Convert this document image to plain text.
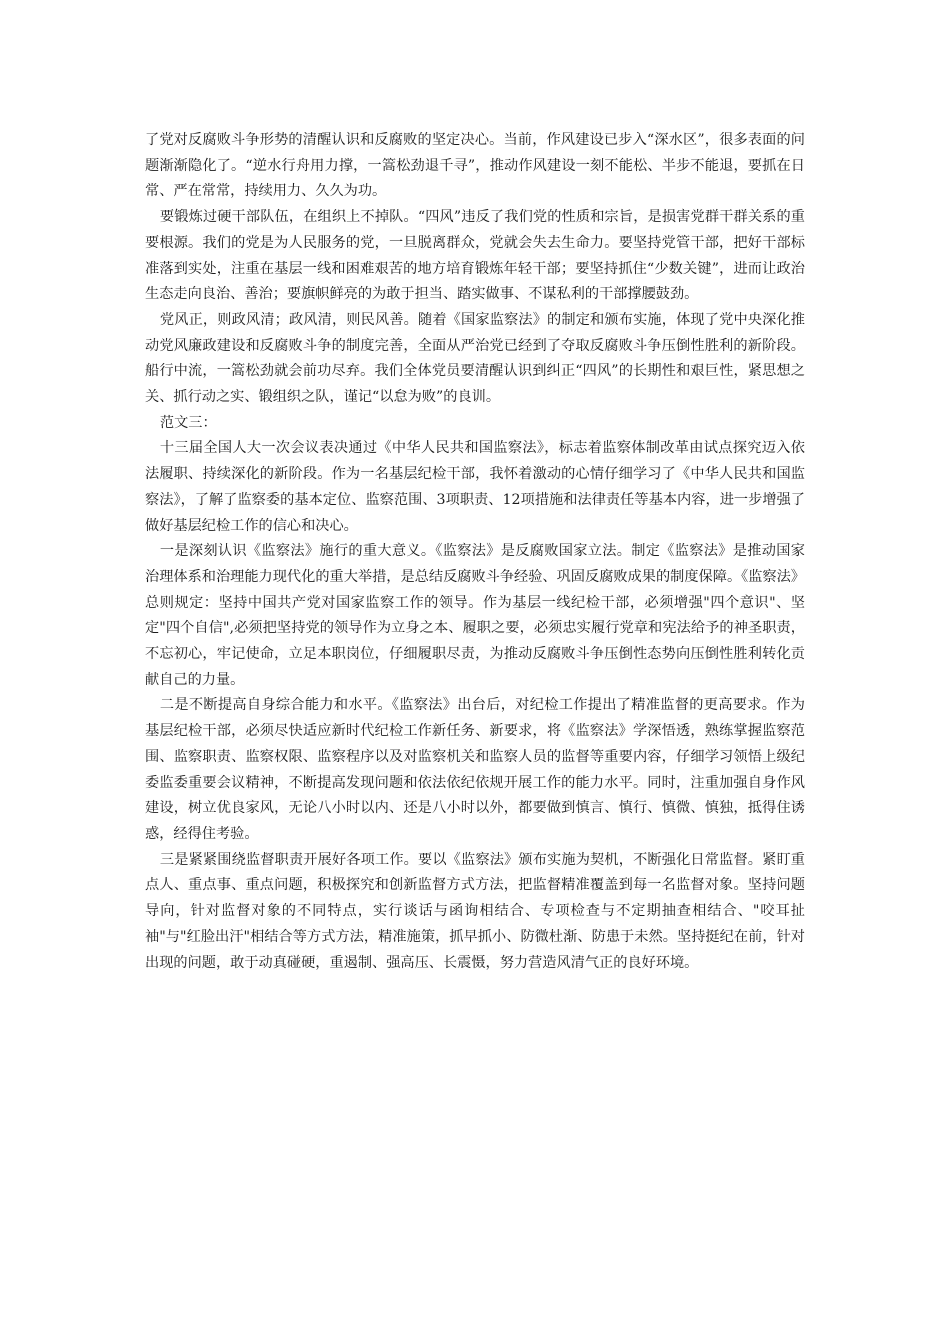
了党对反腐败斗争形势的清醒认识和反腐败的坚定决心。当前，作风建设已步入“深水区”，很多表面的问题渐渐隐化了。“逆水行舟用力撑，一篙松劲退千寻”，推动作风建设一刻不能松、半步不能退，要抓在日常、严在常常，持续用力、久久为功。

要锻炼过硬干部队伍，在组织上不掉队。“四风”违反了我们党的性质和宗旨，是损害党群干群关系的重要根源。我们的党是为人民服务的党，一旦脱离群众，党就会失去生命力。要坚持党管干部，把好干部标准落到实处，注重在基层一线和困难艰苦的地方培育锻炼年轻干部；要坚持抓住“少数关键”，进而让政治生态走向良治、善治；要旗帜鲜亮的为敢于担当、踏实做事、不谋私利的干部撑腰鼓劲。

党风正，则政风清；政风清，则民风善。随着《国家监察法》的制定和颁布实施，体现了党中央深化推动党风廉政建设和反腐败斗争的制度完善，全面从严治党已经到了夺取反腐败斗争压倒性胜利的新阶段。船行中流，一篙松劲就会前功尽弃。我们全体党员要清醒认识到纠正“四风”的长期性和艰巨性，紧思想之关、抓行动之实、锻组织之队，谨记“以怠为败”的良训。

范文三：

十三届全国人大一次会议表决通过《中华人民共和国监察法》，标志着监察体制改革由试点探究迈入依法履职、持续深化的新阶段。作为一名基层纪检干部，我怀着激动的心情仔细学习了《中华人民共和国监察法》，了解了监察委的基本定位、监察范围、3项职责、12项措施和法律责任等基本内容，进一步增强了做好基层纪检工作的信心和决心。

一是深刻认识《监察法》施行的重大意义。《监察法》是反腐败国家立法。制定《监察法》是推动国家治理体系和治理能力现代化的重大举措，是总结反腐败斗争经验、巩固反腐败成果的制度保障。《监察法》总则规定：坚持中国共产党对国家监察工作的领导。作为基层一线纪检干部，必须增强"四个意识"、坚定"四个自信",必须把坚持党的领导作为立身之本、履职之要，必须忠实履行党章和宪法给予的神圣职责，不忘初心，牢记使命，立足本职岗位，仔细履职尽责，为推动反腐败斗争压倒性态势向压倒性胜利转化贡献自己的力量。

二是不断提高自身综合能力和水平。《监察法》出台后，对纪检工作提出了精准监督的更高要求。作为基层纪检干部，必须尽快适应新时代纪检工作新任务、新要求，将《监察法》学深悟透，熟练掌握监察范围、监察职责、监察权限、监察程序以及对监察机关和监察人员的监督等重要内容，仔细学习领悟上级纪委监委重要会议精神，不断提高发现问题和依法依纪依规开展工作的能力水平。同时，注重加强自身作风建设，树立优良家风，无论八小时以内、还是八小时以外，都要做到慎言、慎行、慎微、慎独，抵得住诱惑，经得住考验。

三是紧紧围绕监督职责开展好各项工作。要以《监察法》颁布实施为契机，不断强化日常监督。紧盯重点人、重点事、重点问题，积极探究和创新监督方式方法，把监督精准覆盖到每一名监督对象。坚持问题导向，针对监督对象的不同特点，实行谈话与函询相结合、专项检查与不定期抽查相结合、"咬耳扯袖"与"红脸出汗"相结合等方式方法，精准施策，抓早抓小、防微杜渐、防患于未然。坚持挺纪在前，针对出现的问题，敢于动真碰硬，重遏制、强高压、长震慑，努力营造风清气正的良好环境。
